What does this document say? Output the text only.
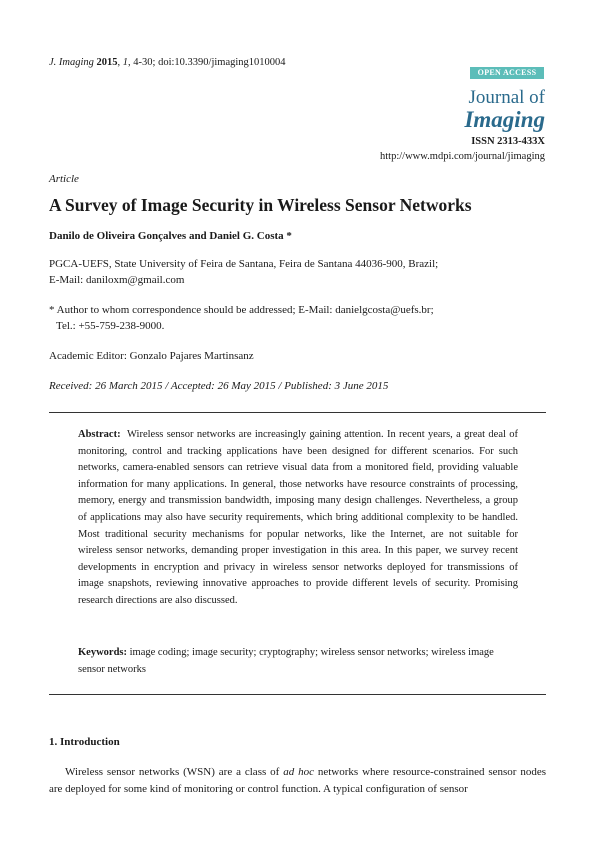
J. Imaging 2015, 1, 4-30; doi:10.3390/jimaging1010004
OPEN ACCESS
Journal of
Imaging
ISSN 2313-433X
http://www.mdpi.com/journal/jimaging
Article
A Survey of Image Security in Wireless Sensor Networks
Danilo de Oliveira Gonçalves and Daniel G. Costa *
PGCA-UEFS, State University of Feira de Santana, Feira de Santana 44036-900, Brazil;
E-Mail: daniloxm@gmail.com
* Author to whom correspondence should be addressed; E-Mail: danielgcosta@uefs.br;
Tel.: +55-759-238-9000.
Academic Editor: Gonzalo Pajares Martinsanz
Received: 26 March 2015 / Accepted: 26 May 2015 / Published: 3 June 2015
Abstract: Wireless sensor networks are increasingly gaining attention. In recent years, a great deal of monitoring, control and tracking applications have been designed for different scenarios. For such networks, camera-enabled sensors can retrieve visual data from a monitored field, providing valuable information for many applications. In general, those networks have resource constraints of processing, memory, energy and transmission bandwidth, imposing many design challenges. Nevertheless, a group of applications may also have security requirements, which bring additional complexity to be handled. Most traditional security mechanisms for popular networks, like the Internet, are not suitable for wireless sensor networks, demanding proper investigation in this area. In this paper, we survey recent developments in encryption and privacy in wireless sensor networks deployed for transmissions of image snapshots, reviewing innovative approaches to provide different levels of security. Promising research directions are also discussed.
Keywords: image coding; image security; cryptography; wireless sensor networks; wireless image sensor networks
1. Introduction
Wireless sensor networks (WSN) are a class of ad hoc networks where resource-constrained sensor nodes are deployed for some kind of monitoring or control function. A typical configuration of sensor
